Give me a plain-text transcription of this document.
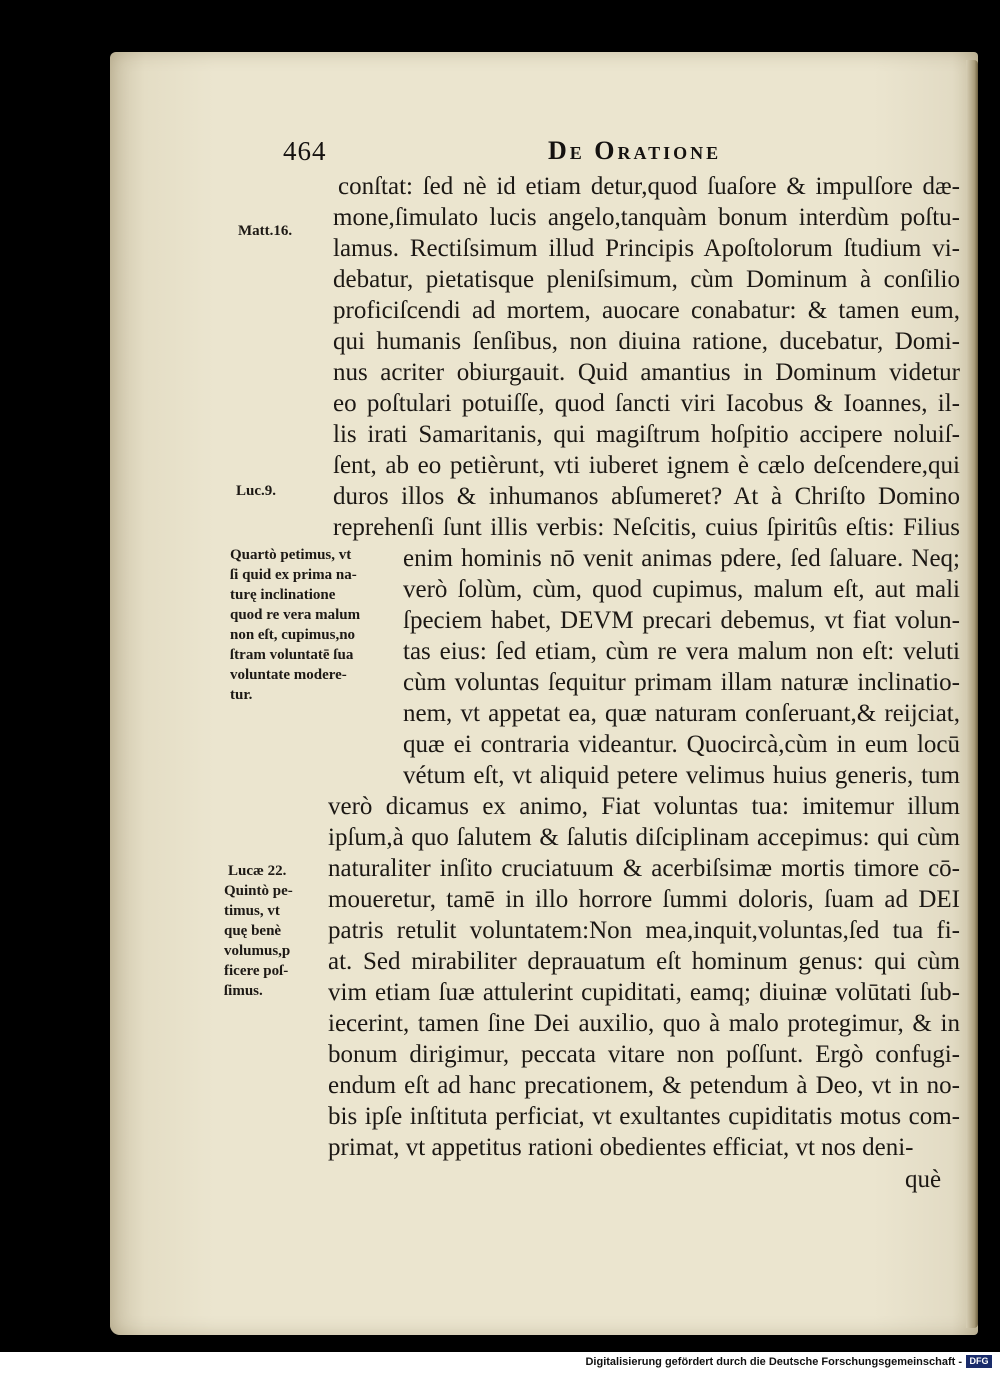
464	De Oratione
conſtat: ſed nè id etiam detur,quod ſuaſore & impulſore dæ-
mone,ſimulato lucis angelo,tanquàm bonum interdùm poſtu-
lamus. Rectiſsimum illud Principis Apoſtolorum ſtudium vi-
debatur, pietatisque pleniſsimum, cùm Dominum à conſilio
proficiſcendi ad mortem, auocare conabatur: & tamen eum,
qui humanis ſenſibus, non diuina ratione, ducebatur, Domi-
nus acriter obiurgauit. Quid amantius in Dominum videtur
eo poſtulari potuiſſe, quod ſancti viri Iacobus & Ioannes, il-
lis irati Samaritanis, qui magiſtrum hoſpitio accipere noluiſ-
ſent, ab eo petièrunt, vti iuberet ignem è cælo deſcendere,qui
duros illos & inhumanos abſumeret? At à Chriſto Domino
reprehenſi ſunt illis verbis: Neſcitis, cuius ſpiritûs eſtis: Filius
enim hominis nō venit animas pdere, ſed ſaluare. Neq;
verò ſolùm, cùm, quod cupimus, malum eſt, aut mali
ſpeciem habet, DEVM precari debemus, vt fiat volun-
tas eius: ſed etiam, cùm re vera malum non eſt: veluti
cùm voluntas ſequitur primam illam naturæ inclinatio-
nem, vt appetat ea, quæ naturam conſeruant,& reijciat,
quæ ei contraria videantur. Quocircà,cùm in eum locū
vétum eſt, vt aliquid petere velimus huius generis, tum
verò dicamus ex animo, Fiat voluntas tua: imitemur illum
ipſum,à quo ſalutem & ſalutis diſciplinam accepimus: qui cùm
naturaliter inſito cruciatuum & acerbiſsimæ mortis timore cō-
moueretur, tamē in illo horrore ſummi doloris, ſuam ad DEI
patris retulit voluntatem:Non mea,inquit,voluntas,ſed tua fi-
at. Sed mirabiliter deprauatum eſt hominum genus: qui cùm
vim etiam ſuæ attulerint cupiditati, eamq; diuinæ volūtati ſub-
iecerint, tamen ſine Dei auxilio, quo à malo protegimur, & in
bonum dirigimur, peccata vitare non poſſunt. Ergò confugi-
endum eſt ad hanc precationem, & petendum à Deo, vt in no-
bis ipſe inſtituta perficiat, vt exultantes cupiditatis motus com-
primat, vt appetitus rationi obedientes efficiat, vt nos deni-
què
Matt.16.
Luc.9.
Quartò petimus, vt
ſi quid ex prima na-
turę inclinatione
quod re vera malum
non eſt, cupimus,no
ſtram voluntatē ſua
voluntate modere-
tur.
Lucæ 22.
Quintò pe-
timus, vt
quę benè
volumus,p
ficere poſ-
ſimus.
Digitalisierung gefördert durch die Deutsche Forschungsgemeinschaft - DFG
